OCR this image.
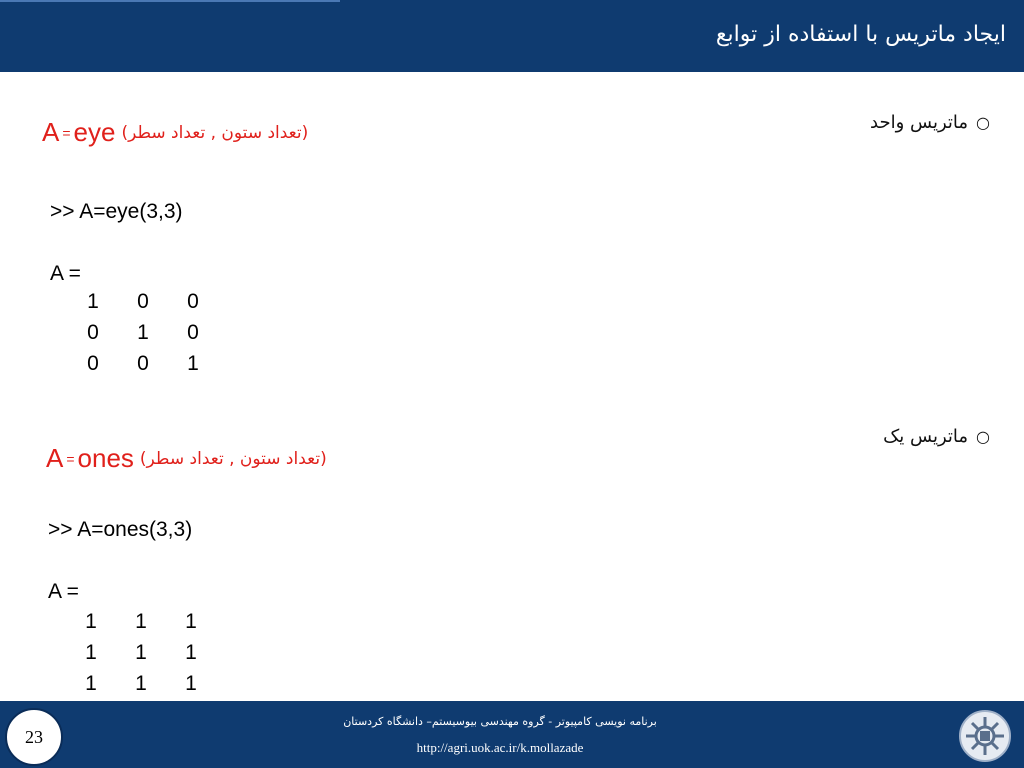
ایجاد ماتریس با استفاده از توابع
○ماتریس واحد
A = eye (تعداد ستون , تعداد سطر)
>> A=eye(3,3)
A =
1 0 0
0 1 0
0 0 1
○ماتریس یک
A = ones (تعداد ستون , تعداد سطر)
>> A=ones(3,3)
A =
1 1 1
1 1 1
1 1 1
23
برنامه نویسی کامپیوتر - گروه مهندسی بیوسیستم– دانشگاه کردستان
http://agri.uok.ac.ir/k.mollazade
